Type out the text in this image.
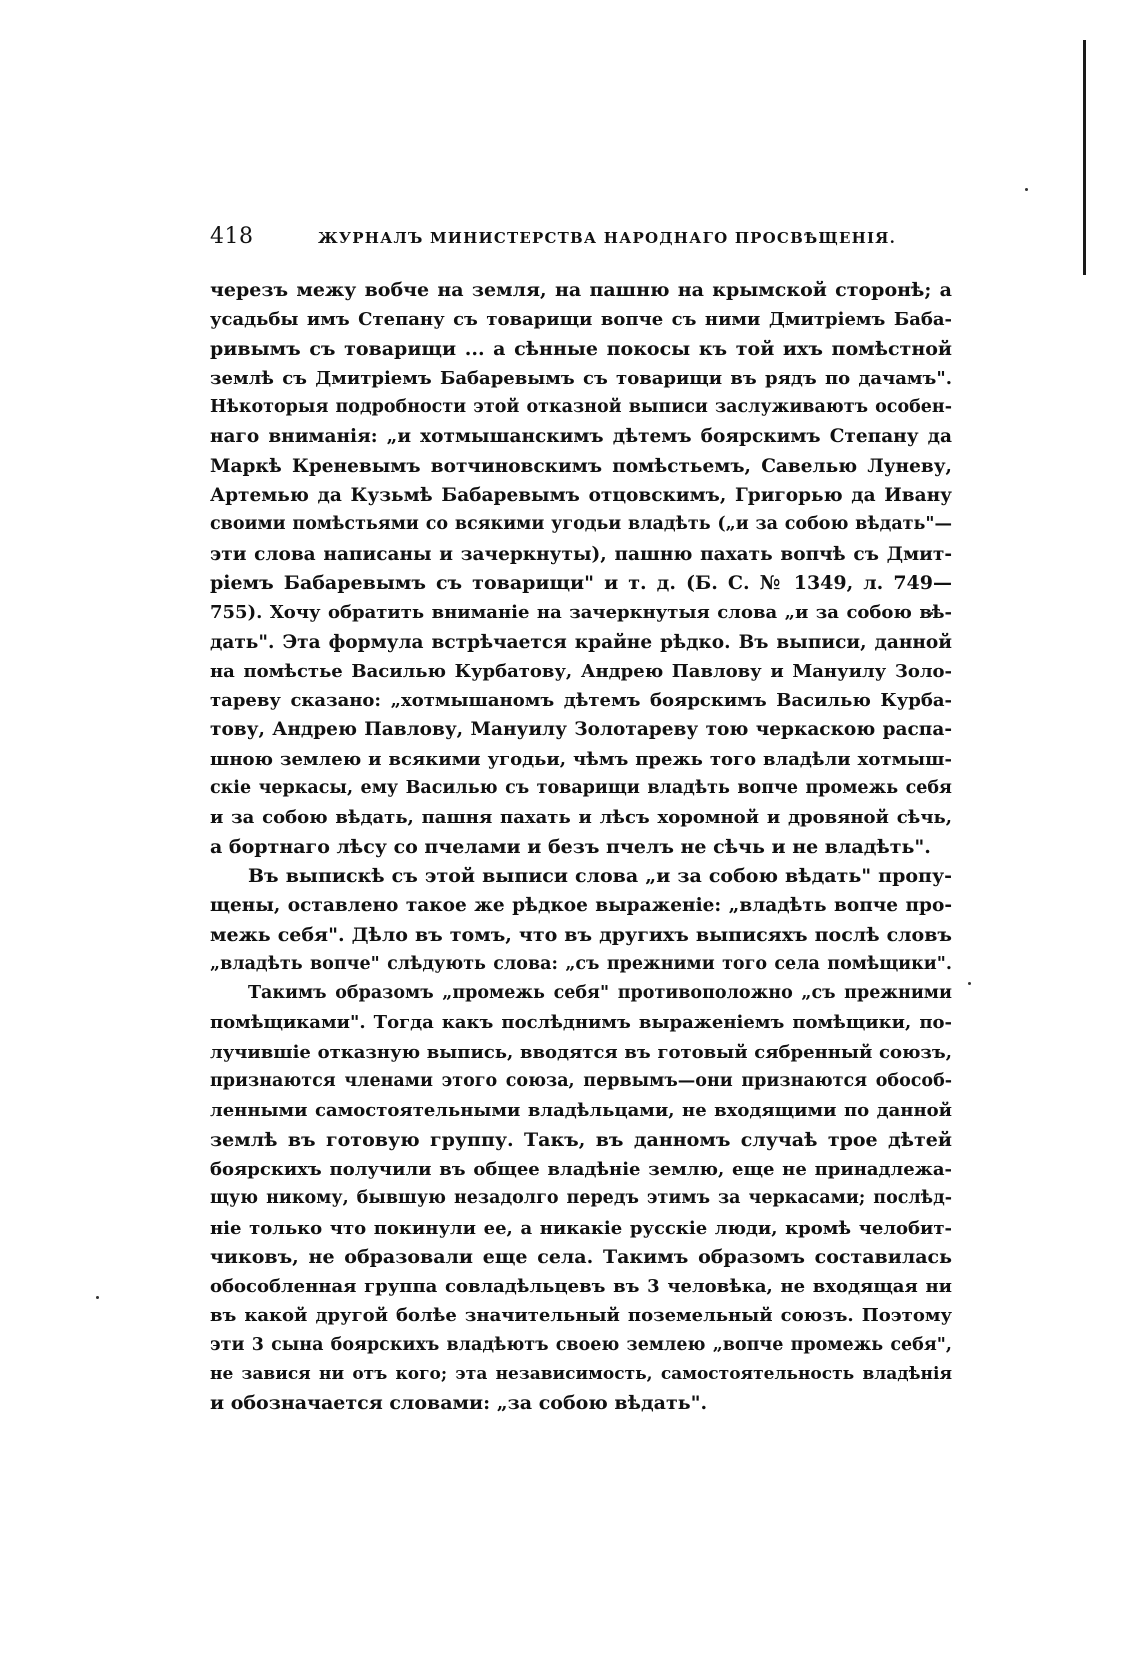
418	ЖУРНАЛЪ МИНИСТЕРСТВА НАРОДНАГО ПРОСВѢЩЕНІЯ.
черезъ межу вобче на земля, на пашню на крымской сторонѣ; а
усадьбы имъ Степану съ товарищи вопче съ ними Дмитріемъ Баба-
ривымъ съ товарищи ... а сѣнные покосы къ той ихъ помѣстной
землѣ съ Дмитріемъ Бабаревымъ съ товарищи въ рядъ по дачамъ".
Нѣкоторыя подробности этой отказной выписи заслуживаютъ особен-
наго вниманія: „и хотмышанскимъ дѣтемъ боярскимъ Степану да
Маркѣ Креневымъ вотчиновскимъ помѣстьемъ, Савелью Луневу,
Артемью да Кузьмѣ Бабаревымъ отцовскимъ, Григорью да Ивану
своими помѣстьями со всякими угодьи владѣть („и за собою вѣдать"—
эти слова написаны и зачеркнуты), пашню пахать вопчѣ съ Дмит-
ріемъ Бабаревымъ съ товарищи" и т. д. (Б. С. № 1349, л. 749—
755). Хочу обратить вниманіе на зачеркнутыя слова „и за собою вѣ-
дать". Эта формула встрѣчается крайне рѣдко. Въ выписи, данной
на помѣстье Василью Курбатову, Андрею Павлову и Мануилу Золо-
тареву сказано: „хотмышаномъ дѣтемъ боярскимъ Василью Курба-
тову, Андрею Павлову, Мануилу Золотареву тою черкаскою распа-
шною землею и всякими угодьи, чѣмъ прежь того владѣли хотмыш-
скіе черкасы, ему Василью съ товарищи владѣть вопче промежь себя
и за собою вѣдать, пашня пахать и лѣсъ хоромной и дровяной сѣчь,
а бортнаго лѣсу со пчелами и безъ пчелъ не сѣчь и не владѣть".
Въ выпискѣ съ этой выписи слова „и за собою вѣдать" пропу-
щены, оставлено такое же рѣдкое выраженіе: „владѣть вопче про-
межь себя". Дѣло въ томъ, что въ другихъ выписяхъ послѣ словъ
„владѣть вопче" слѣдують слова: „съ прежними того села помѣщики".
Такимъ образомъ „промежь себя" противоположно „съ прежними
помѣщиками". Тогда какъ послѣднимъ выраженіемъ помѣщики, по-
лучившіе отказную выпись, вводятся въ готовый сябренный союзъ,
признаются членами этого союза, первымъ—они признаются обособ-
ленными самостоятельными владѣльцами, не входящими по данной
землѣ въ готовую группу. Такъ, въ данномъ случаѣ трое дѣтей
боярскихъ получили въ общее владѣніе землю, еще не принадлежа-
щую никому, бывшую незадолго передъ этимъ за черкасами; послѣд-
ніе только что покинули ее, а никакіе русскіе люди, кромѣ челобит-
чиковъ, не образовали еще села. Такимъ образомъ составилась
обособленная группа совладѣльцевъ въ 3 человѣка, не входящая ни
въ какой другой болѣе значительный поземельный союзъ. Поэтому
эти 3 сына боярскихъ владѣютъ своею землею „вопче промежь себя",
не завися ни отъ кого; эта независимость, самостоятельность владѣнія
и обозначается словами: „за собою вѣдать".
